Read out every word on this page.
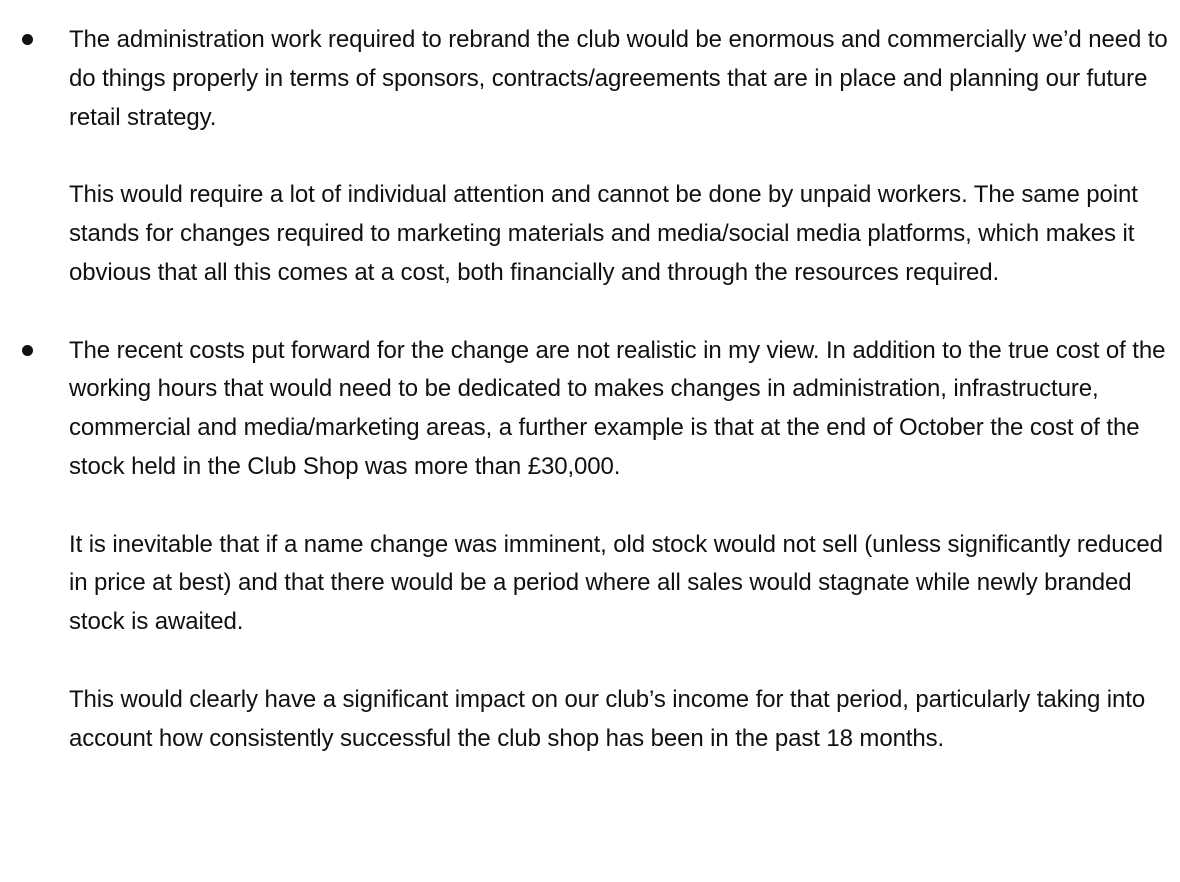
The administration work required to rebrand the club would be enormous and commercially we’d need to do things properly in terms of sponsors, contracts/agreements that are in place and planning our future retail strategy.

This would require a lot of individual attention and cannot be done by unpaid workers. The same point stands for changes required to marketing materials and media/social media platforms, which makes it obvious that all this comes at a cost, both financially and through the resources required.

The recent costs put forward for the change are not realistic in my view. In addition to the true cost of the working hours that would need to be dedicated to makes changes in administration, infrastructure, commercial and media/marketing areas, a further example is that at the end of October the cost of the stock held in the Club Shop was more than £30,000.

It is inevitable that if a name change was imminent, old stock would not sell (unless significantly reduced in price at best) and that there would be a period where all sales would stagnate while newly branded stock is awaited.

This would clearly have a significant impact on our club’s income for that period, particularly taking into account how consistently successful the club shop has been in the past 18 months.
